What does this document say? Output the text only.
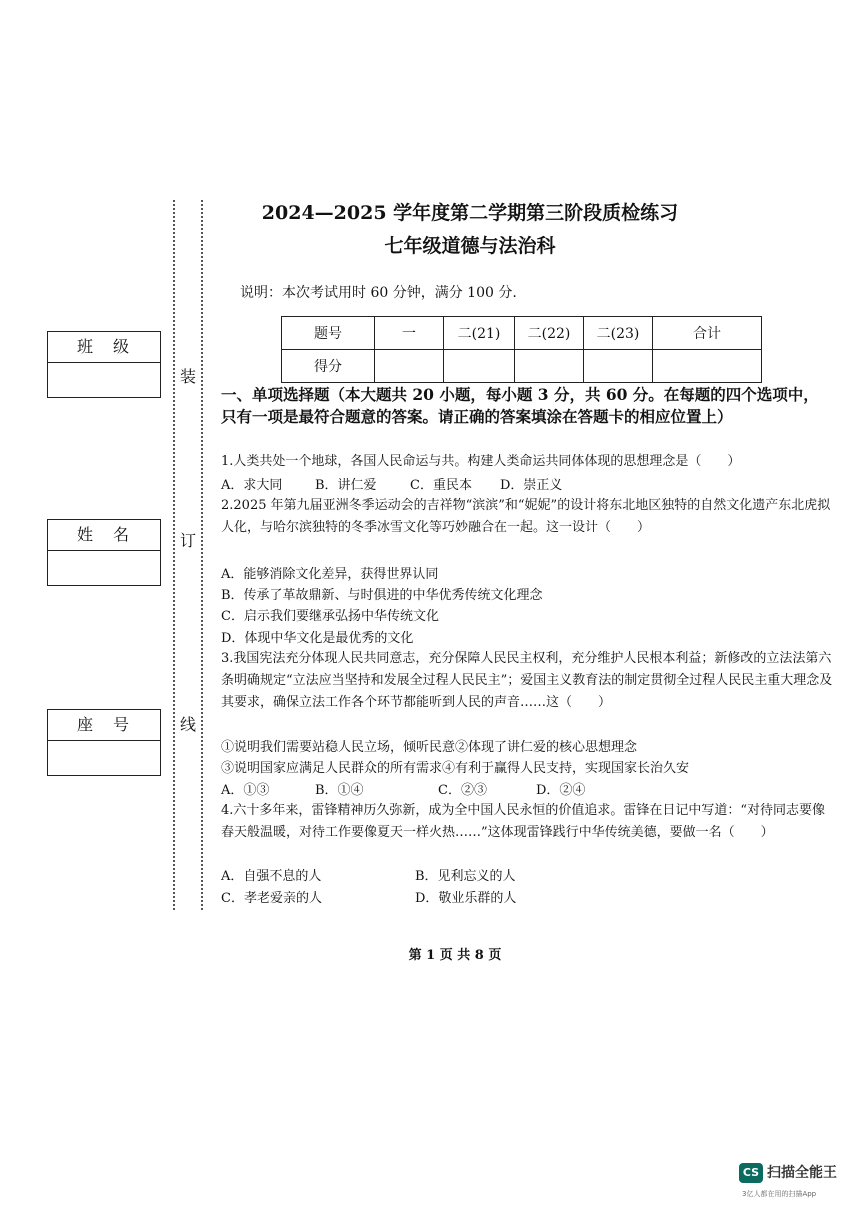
装
订
线
班　级
姓　名
座　号
2024—2025 学年度第二学期第三阶段质检练习
七年级道德与法治科
说明：本次考试用时 60 分钟，满分 100 分.
题号	一	二(21)	二(22)	二(23)	合计
得分					
一、单项选择题（本大题共 20 小题，每小题 3 分，共 60 分。在每题的四个选项中，只有一项是最符合题意的答案。请正确的答案填涂在答题卡的相应位置上）
1.人类共处一个地球，各国人民命运与共。构建人类命运共同体体现的思想理念是（　　）
A．求大同	B．讲仁爱	C．重民本 D．崇正义
2.2025 年第九届亚洲冬季运动会的吉祥物“滨滨”和“妮妮”的设计将东北地区独特的自然文化遗产东北虎拟人化，与哈尔滨独特的冬季冰雪文化等巧妙融合在一起。这一设计（　　）
A．能够消除文化差异，获得世界认同
B．传承了革故鼎新、与时俱进的中华优秀传统文化理念
C．启示我们要继承弘扬中华传统文化
D．体现中华文化是最优秀的文化
3.我国宪法充分体现人民共同意志，充分保障人民民主权利，充分维护人民根本利益；新修改的立法法第六条明确规定“立法应当坚持和发展全过程人民民主”；爱国主义教育法的制定贯彻全过程人民民主重大理念及其要求，确保立法工作各个环节都能听到人民的声音……这（　　）
①说明我们需要站稳人民立场，倾听民意②体现了讲仁爱的核心思想理念
③说明国家应满足人民群众的所有需求④有利于赢得人民支持，实现国家长治久安
A．①③	B．①④	C．②③	D．②④
4.六十多年来，雷锋精神历久弥新，成为全中国人民永恒的价值追求。雷锋在日记中写道：“对待同志要像春天般温暖，对待工作要像夏天一样火热……”这体现雷锋践行中华传统美德，要做一名（　　）
A．自强不息的人	B．见利忘义的人
C．孝老爱亲的人	D．敬业乐群的人
第 1 页 共 8 页
CS 扫描全能王
3亿人都在用的扫描App
